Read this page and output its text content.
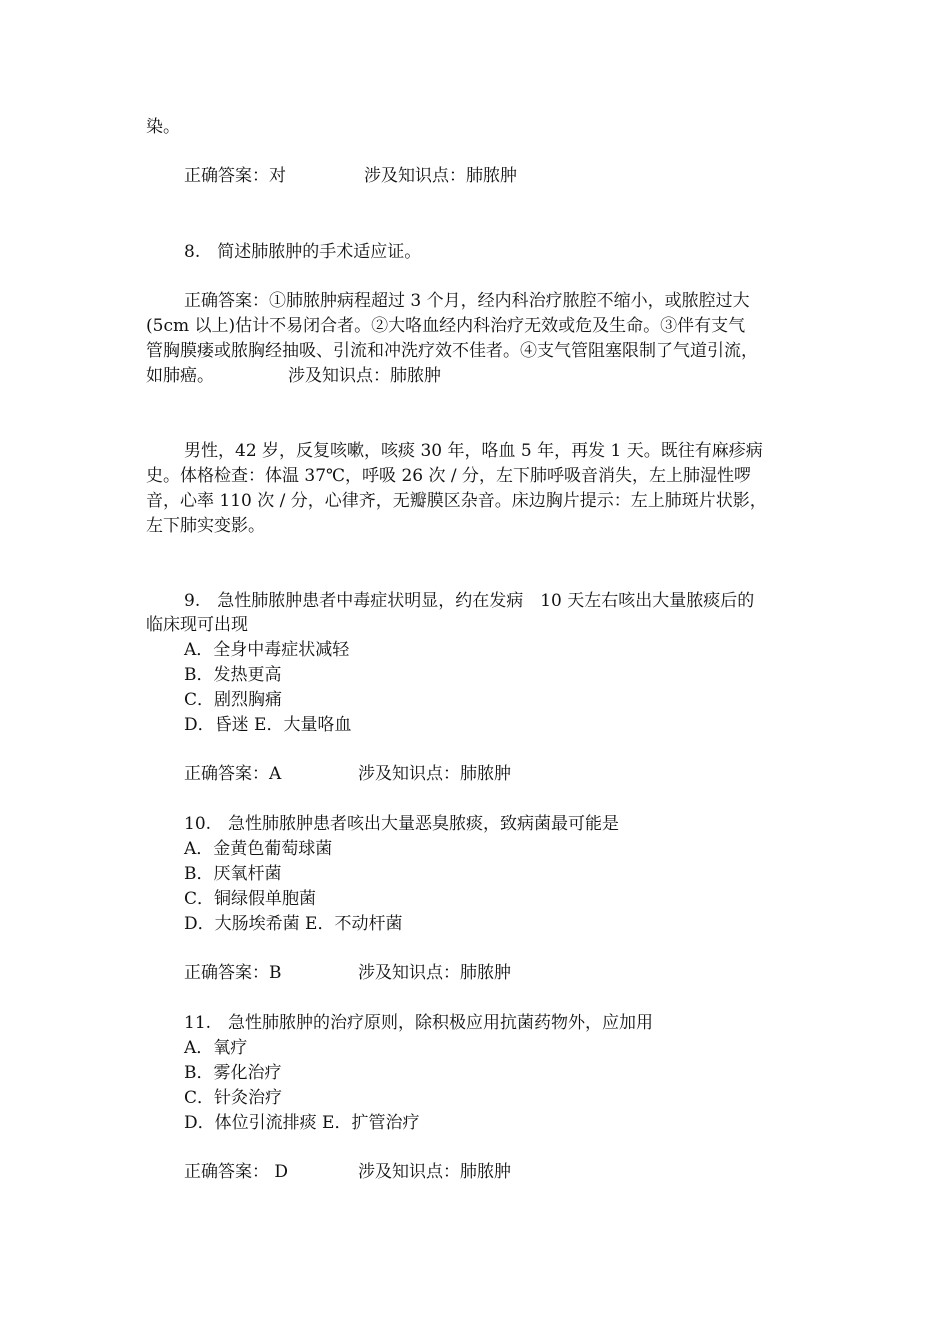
染。
正确答案：对	涉及知识点：肺脓肿
8.　简述肺脓肿的手术适应证。
正确答案：①肺脓肿病程超过 3 个月，经内科治疗脓腔不缩小，或脓腔过大
(5cm 以上)估计不易闭合者。②大咯血经内科治疗无效或危及生命。③伴有支气
管胸膜瘘或脓胸经抽吸、引流和冲洗疗效不佳者。④支气管阻塞限制了气道引流，
如肺癌。	涉及知识点：肺脓肿
男性，42 岁，反复咳嗽，咳痰 30 年，咯血 5 年，再发 1 天。既往有麻疹病
史。体格检查：体温 37℃，呼吸 26 次 / 分，左下肺呼吸音消失，左上肺湿性啰
音，心率 110 次 / 分，心律齐，无瓣膜区杂音。床边胸片提示：左上肺斑片状影，
左下肺实变影。
9.　急性肺脓肿患者中毒症状明显，约在发病　10 天左右咳出大量脓痰后的
临床现可出现
A．全身中毒症状减轻
B．发热更高
C．剧烈胸痛
D．昏迷 E．大量咯血
正确答案：A	涉及知识点：肺脓肿
10.　急性肺脓肿患者咳出大量恶臭脓痰，致病菌最可能是
A．金黄色葡萄球菌
B．厌氧杆菌
C．铜绿假单胞菌
D．大肠埃希菌 E．不动杆菌
正确答案：B	涉及知识点：肺脓肿
11.　急性肺脓肿的治疗原则，除积极应用抗菌药物外，应加用
A．氧疗
B．雾化治疗
C．针灸治疗
D．体位引流排痰 E．扩管治疗
正确答案： D	涉及知识点：肺脓肿
